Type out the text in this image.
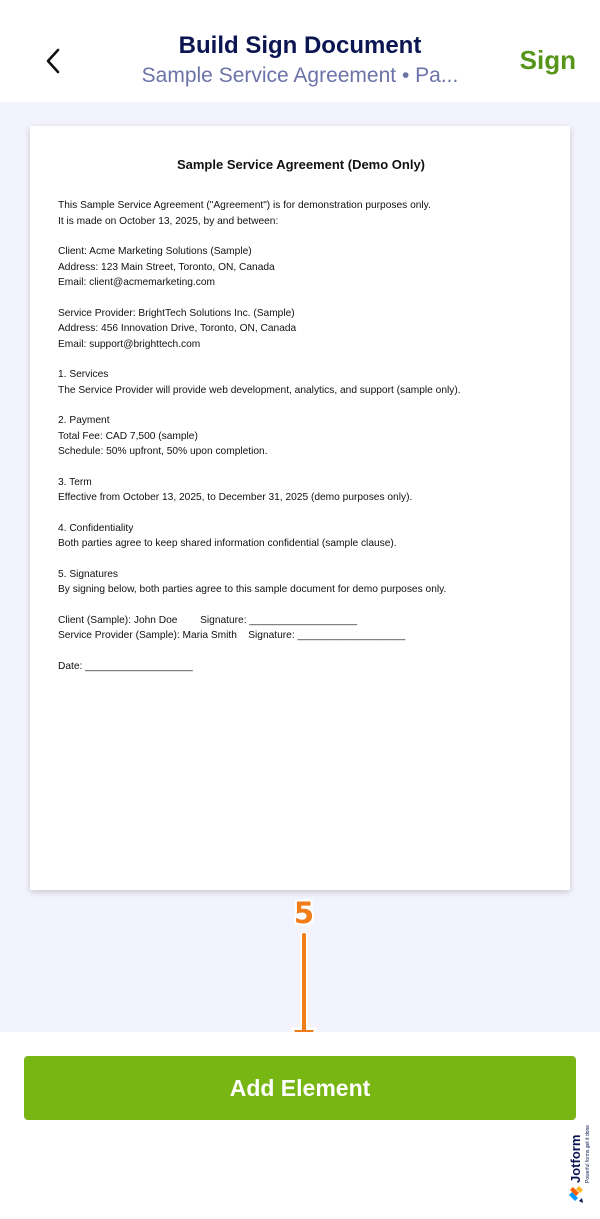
Build Sign Document
Sample Service Agreement • Pa...
Sign
Sample Service Agreement (Demo Only)
This Sample Service Agreement ("Agreement") is for demonstration purposes only.
It is made on October 13, 2025, by and between:
Client: Acme Marketing Solutions (Sample)
Address: 123 Main Street, Toronto, ON, Canada
Email: client@acmemarketing.com
Service Provider: BrightTech Solutions Inc. (Sample)
Address: 456 Innovation Drive, Toronto, ON, Canada
Email: support@brighttech.com
1. Services
The Service Provider will provide web development, analytics, and support (sample only).
2. Payment
Total Fee: CAD 7,500 (sample)
Schedule: 50% upfront, 50% upon completion.
3. Term
Effective from October 13, 2025, to December 31, 2025 (demo purposes only).
4. Confidentiality
Both parties agree to keep shared information confidential (sample clause).
5. Signatures
By signing below, both parties agree to this sample document for demo purposes only.
Client (Sample): John Doe        Signature: ___________________
Service Provider (Sample): Maria Smith    Signature: ___________________
Date: ___________________
5
Add Element
Jotform Powerful forms get it done
